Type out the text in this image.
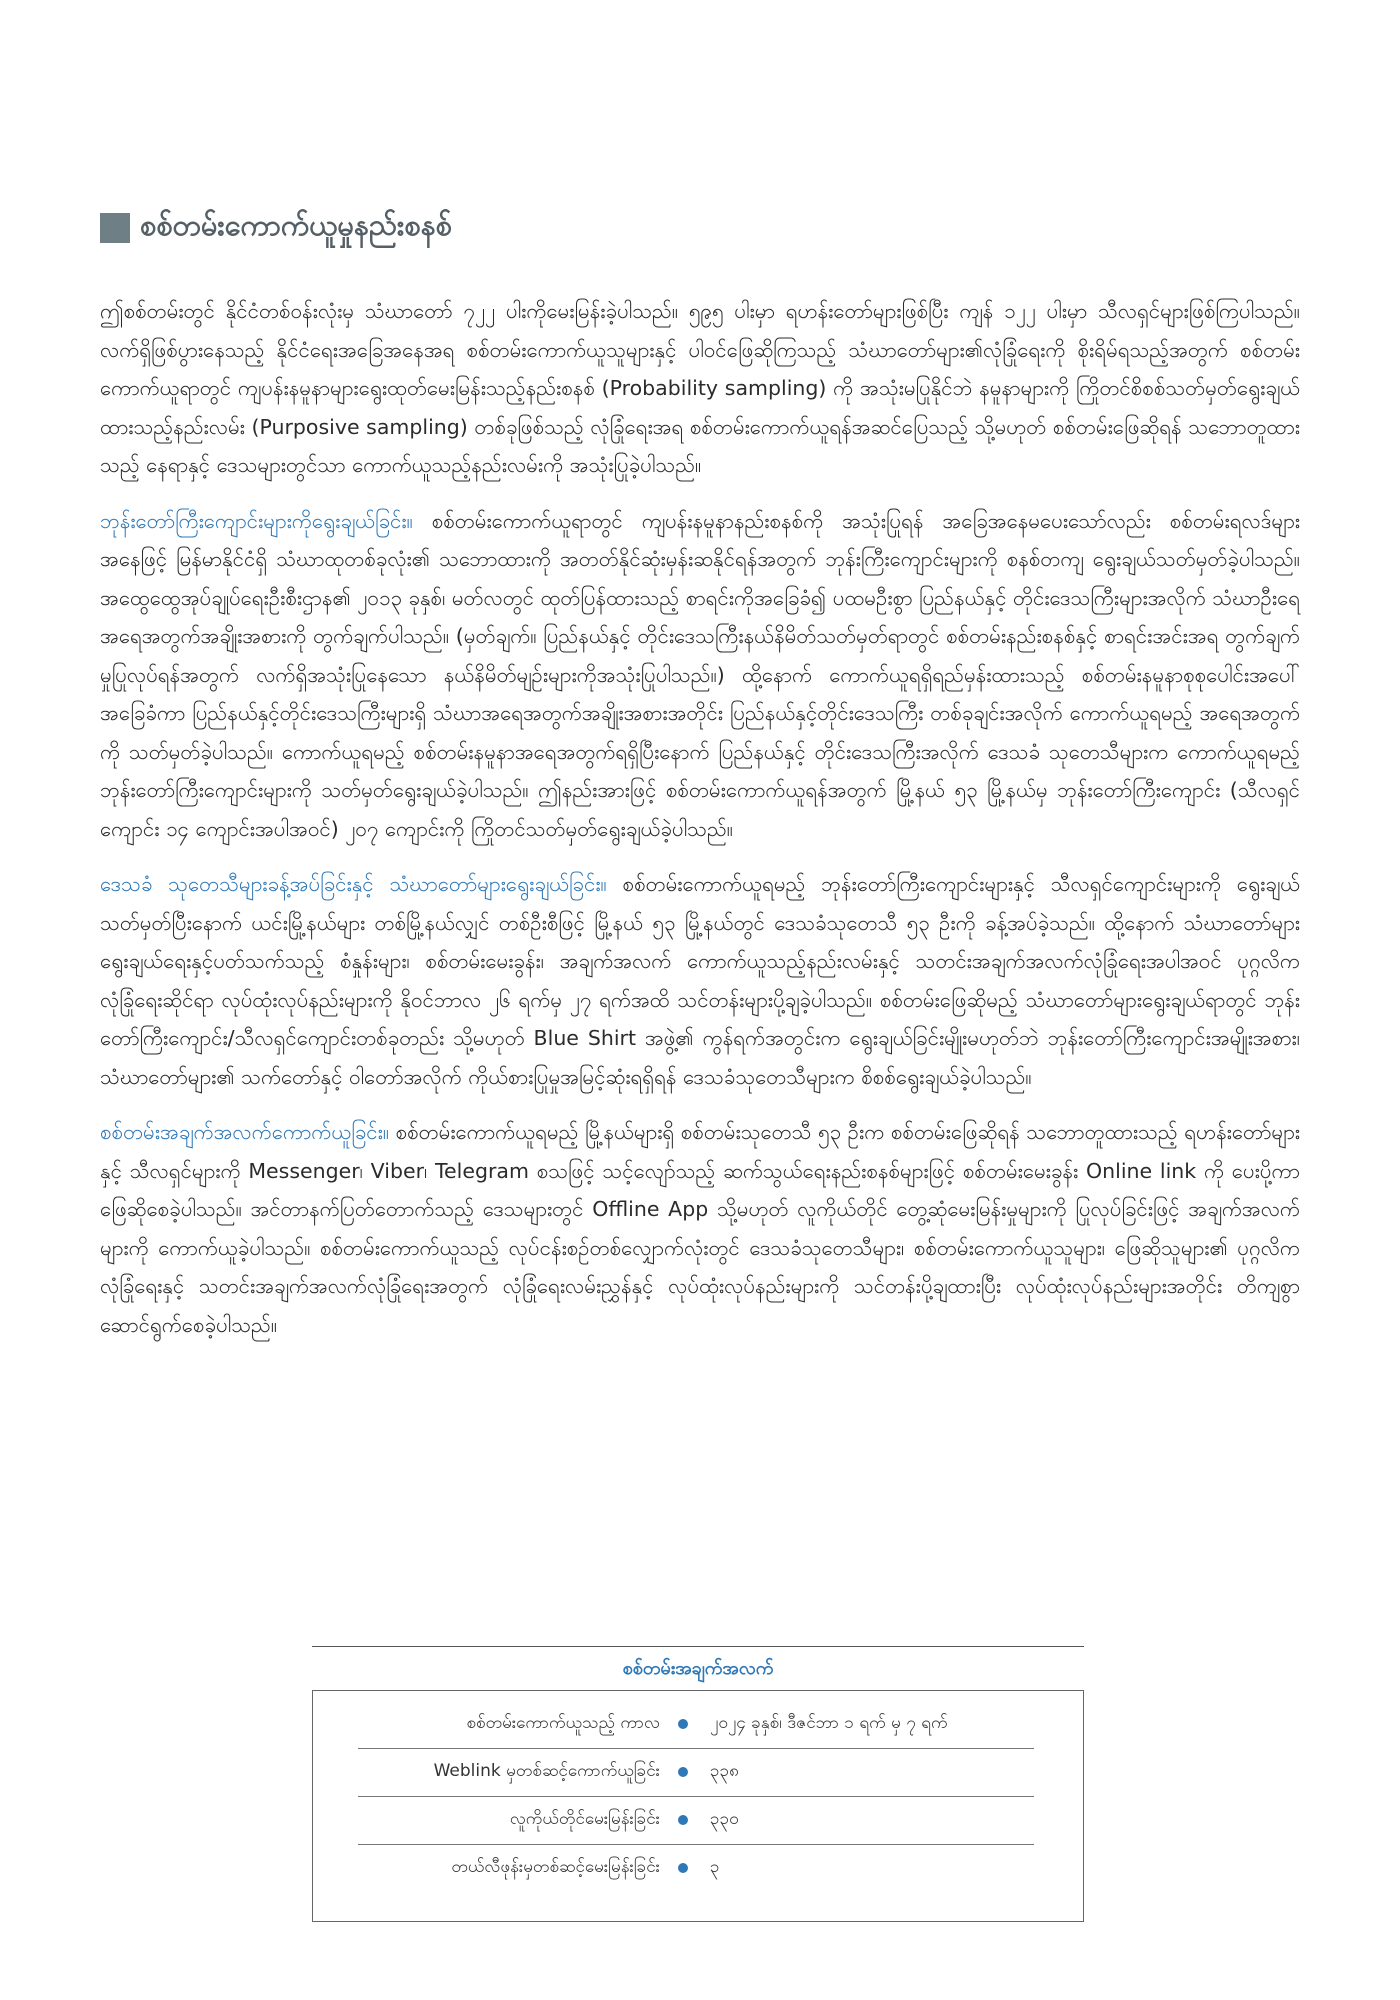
စစ်တမ်းကောက်ယူမှုနည်းစနစ်

ဤစစ်တမ်းတွင် နိုင်ငံတစ်ဝန်းလုံးမှ သံဃာတော် ၇၂၂ ပါးကိုမေးမြန်းခဲ့ပါသည်။ ၅၉၅ ပါးမှာ ရဟန်းတော်များဖြစ်ပြီး ကျန် ၁၂၂ ပါးမှာ သီလရှင်များဖြစ်ကြပါသည်။ လက်ရှိဖြစ်ပွားနေသည့် နိုင်ငံရေးအခြေအနေအရ စစ်တမ်းကောက်ယူသူများနှင့် ပါဝင်ဖြေဆိုကြသည့် သံဃာတော်များ၏လုံခြုံရေးကို စိုးရိမ်ရသည့်အတွက် စစ်တမ်းကောက်ယူရာတွင် ကျပန်းနမူနာများရွေးထုတ်မေးမြန်းသည့်နည်းစနစ် (Probability sampling) ကို အသုံးမပြုနိုင်ဘဲ နမူနာများကို ကြိုတင်စိစစ်သတ်မှတ်ရွေးချယ်ထားသည့်နည်းလမ်း (Purposive sampling) တစ်ခုဖြစ်သည့် လုံခြုံရေးအရ စစ်တမ်းကောက်ယူရန်အဆင်ပြေသည့် သို့မဟုတ် စစ်တမ်းဖြေဆိုရန် သဘောတူထားသည့် နေရာနှင့် ဒေသများတွင်သာ ကောက်ယူသည့်နည်းလမ်းကို အသုံးပြုခဲ့ပါသည်။

ဘုန်းတော်ကြီးကျောင်းများကိုရွေးချယ်ခြင်း။ စစ်တမ်းကောက်ယူရာတွင် ကျပန်းနမူနာနည်းစနစ်ကို အသုံးပြုရန် အခြေအနေမပေးသော်လည်း စစ်တမ်းရလဒ်များအနေဖြင့် မြန်မာနိုင်ငံရှိ သံဃာထုတစ်ခုလုံး၏ သဘောထားကို အတတ်နိုင်ဆုံးမှန်းဆနိုင်ရန်အတွက် ဘုန်းကြီးကျောင်းများကို စနစ်တကျ ရွေးချယ်သတ်မှတ်ခဲ့ပါသည်။ အထွေထွေအုပ်ချုပ်ရေးဦးစီးဌာန၏ ၂၀၁၃ ခုနှစ်၊ မတ်လတွင် ထုတ်ပြန်ထားသည့် စာရင်းကိုအခြေခံ၍ ပထမဦးစွာ ပြည်နယ်နှင့် တိုင်းဒေသကြီးများအလိုက် သံဃာဦးရေ အရေအတွက်အချိုးအစားကို တွက်ချက်ပါသည်။ (မှတ်ချက်။ ပြည်နယ်နှင့် တိုင်းဒေသကြီးနယ်နိမိတ်သတ်မှတ်ရာတွင် စစ်တမ်းနည်းစနစ်နှင့် စာရင်းအင်းအရ တွက်ချက်မှုပြုလုပ်ရန်အတွက် လက်ရှိအသုံးပြုနေသော နယ်နိမိတ်မျဉ်းများကိုအသုံးပြုပါသည်။) ထို့နောက် ကောက်ယူရရှိရည်မှန်းထားသည့် စစ်တမ်းနမူနာစုစုပေါင်းအပေါ် အခြေခံကာ ပြည်နယ်နှင့်တိုင်းဒေသကြီးများရှိ သံဃာအရေအတွက်အချိုးအစားအတိုင်း ပြည်နယ်နှင့်တိုင်းဒေသကြီး တစ်ခုချင်းအလိုက် ကောက်ယူရမည့် အရေအတွက်ကို သတ်မှတ်ခဲ့ပါသည်။ ကောက်ယူရမည့် စစ်တမ်းနမူနာအရေအတွက်ရရှိပြီးနောက် ပြည်နယ်နှင့် တိုင်းဒေသကြီးအလိုက် ဒေသခံ သုတေသီများက ကောက်ယူရမည့် ဘုန်းတော်ကြီးကျောင်းများကို သတ်မှတ်ရွေးချယ်ခဲ့ပါသည်။ ဤနည်းအားဖြင့် စစ်တမ်းကောက်ယူရန်အတွက် မြို့နယ် ၅၃ မြို့နယ်မှ ဘုန်းတော်ကြီးကျောင်း (သီလရှင်ကျောင်း ၁၄ ကျောင်းအပါအဝင်) ၂၀၇ ကျောင်းကို ကြိုတင်သတ်မှတ်ရွေးချယ်ခဲ့ပါသည်။

ဒေသခံ သုတေသီများခန့်အပ်ခြင်းနှင့် သံဃာတော်များရွေးချယ်ခြင်း။ စစ်တမ်းကောက်ယူရမည့် ဘုန်းတော်ကြီးကျောင်းများနှင့် သီလရှင်ကျောင်းများကို ရွေးချယ်သတ်မှတ်ပြီးနောက် ယင်းမြို့နယ်များ တစ်မြို့နယ်လျှင် တစ်ဦးစီဖြင့် မြို့နယ် ၅၃ မြို့နယ်တွင် ဒေသခံသုတေသီ ၅၃ ဦးကို ခန့်အပ်ခဲ့သည်။ ထို့နောက် သံဃာတော်များရွေးချယ်ရေးနှင့်ပတ်သက်သည့် စံနှုန်းများ၊ စစ်တမ်းမေးခွန်း၊ အချက်အလက် ကောက်ယူသည့်နည်းလမ်းနှင့် သတင်းအချက်အလက်လုံခြုံရေးအပါအဝင် ပုဂ္ဂလိကလုံခြုံရေးဆိုင်ရာ လုပ်ထုံးလုပ်နည်းများကို နိုဝင်ဘာလ ၂၆ ရက်မှ ၂၇ ရက်အထိ သင်တန်းများပို့ချခဲ့ပါသည်။ စစ်တမ်းဖြေဆိုမည့် သံဃာတော်များရွေးချယ်ရာတွင် ဘုန်းတော်ကြီးကျောင်း/သီလရှင်ကျောင်းတစ်ခုတည်း သို့မဟုတ် Blue Shirt အဖွဲ့၏ ကွန်ရက်အတွင်းက ရွေးချယ်ခြင်းမျိုးမဟုတ်ဘဲ ဘုန်းတော်ကြီးကျောင်းအမျိုးအစား၊ သံဃာတော်များ၏ သက်တော်နှင့် ဝါတော်အလိုက် ကိုယ်စားပြုမှုအမြင့်ဆုံးရရှိရန် ဒေသခံသုတေသီများက စိစစ်ရွေးချယ်ခဲ့ပါသည်။

စစ်တမ်းအချက်အလက်ကောက်ယူခြင်း။ စစ်တမ်းကောက်ယူရမည့် မြို့နယ်များရှိ စစ်တမ်းသုတေသီ ၅၃ ဦးက စစ်တမ်းဖြေဆိုရန် သဘောတူထားသည့် ရဟန်းတော်များနှင့် သီလရှင်များကို Messenger၊ Viber၊ Telegram စသဖြင့် သင့်လျော်သည့် ဆက်သွယ်ရေးနည်းစနစ်များဖြင့် စစ်တမ်းမေးခွန်း Online link ကို ပေးပို့ကာဖြေဆိုစေခဲ့ပါသည်။ အင်တာနက်ပြတ်တောက်သည့် ဒေသများတွင် Offline App သို့မဟုတ် လူကိုယ်တိုင် တွေ့ဆုံမေးမြန်းမှုများကို ပြုလုပ်ခြင်းဖြင့် အချက်အလက်များကို ကောက်ယူခဲ့ပါသည်။ စစ်တမ်းကောက်ယူသည့် လုပ်ငန်းစဉ်တစ်လျှောက်လုံးတွင် ဒေသခံသုတေသီများ၊ စစ်တမ်းကောက်ယူသူများ၊ ဖြေဆိုသူများ၏ ပုဂ္ဂလိကလုံခြုံရေးနှင့် သတင်းအချက်အလက်လုံခြုံရေးအတွက် လုံခြုံရေးလမ်းညွှန်နှင့် လုပ်ထုံးလုပ်နည်းများကို သင်တန်းပို့ချထားပြီး လုပ်ထုံးလုပ်နည်းများအတိုင်း တိကျစွာ ဆောင်ရွက်စေခဲ့ပါသည်။

စစ်တမ်းအချက်အလက်
စစ်တမ်းကောက်ယူသည့် ကာလ	၂၀၂၄ ခုနှစ်၊ ဒီဇင်ဘာ ၁ ရက် မှ ၇ ရက်
Weblink မှတစ်ဆင့်ကောက်ယူခြင်း	၃၃၈
လူကိုယ်တိုင်မေးမြန်းခြင်း	၃၃၀
တယ်လီဖုန်းမှတစ်ဆင့်မေးမြန်းခြင်း	၃
